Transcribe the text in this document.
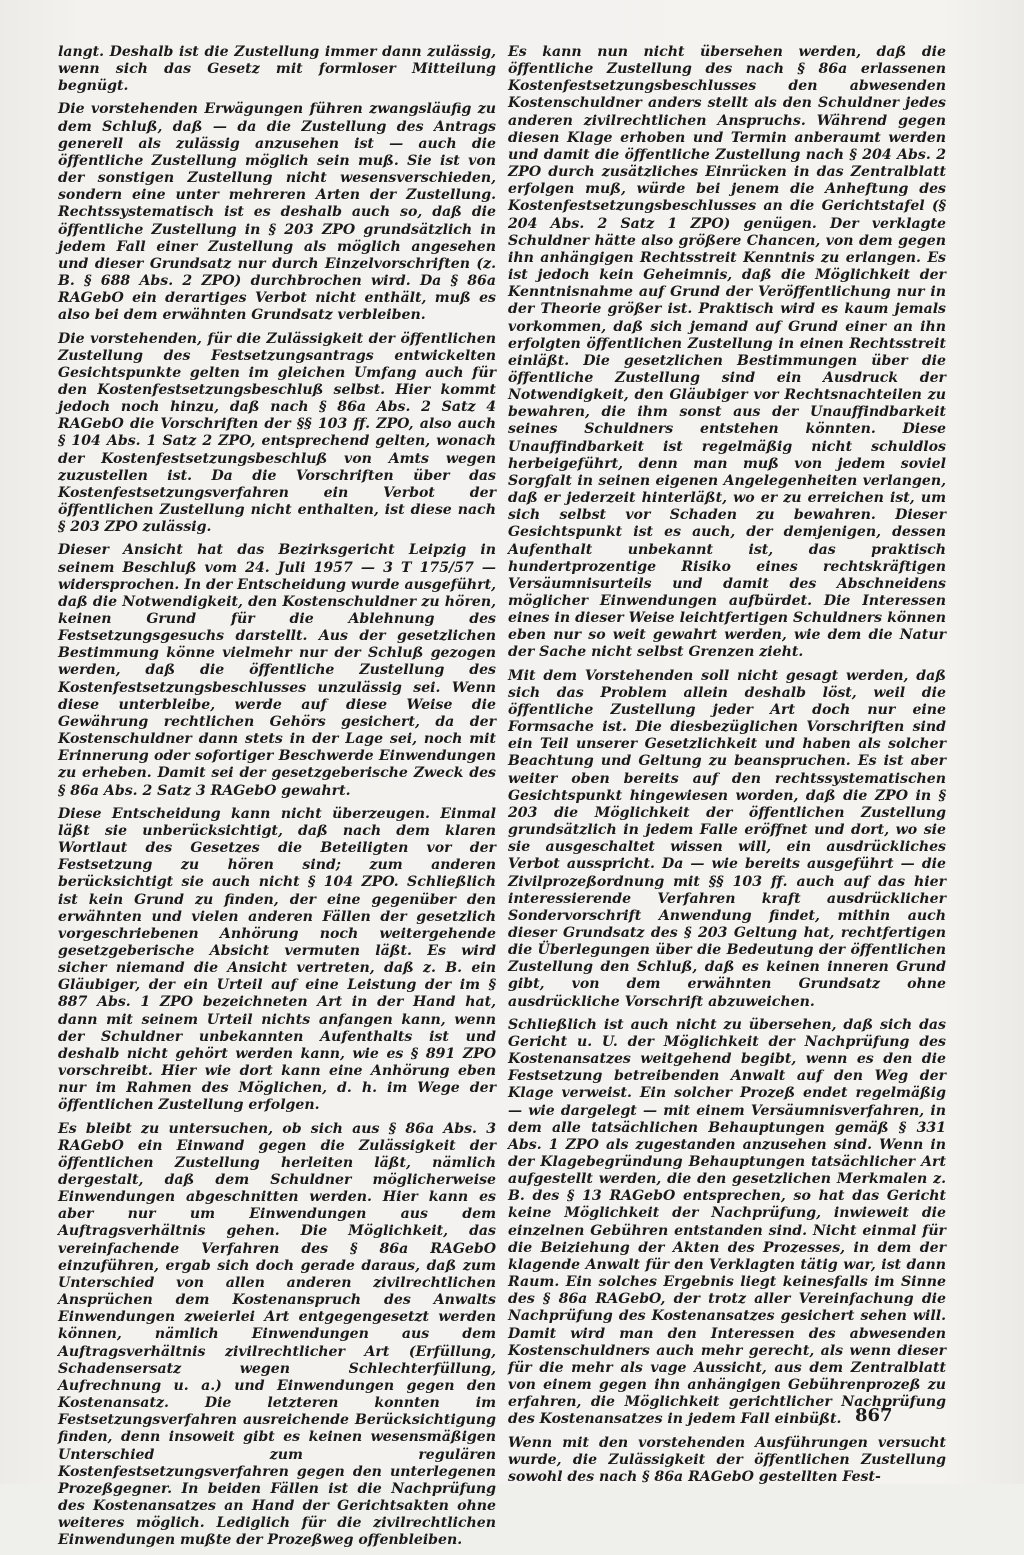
langt. Deshalb ist die Zustellung immer dann zulässig, wenn sich das Gesetz mit formloser Mitteilung begnügt.

Die vorstehenden Erwägungen führen zwangsläufig zu dem Schluß, daß — da die Zustellung des Antrags generell als zulässig anzusehen ist — auch die öffentliche Zustellung möglich sein muß. Sie ist von der sonstigen Zustellung nicht wesensverschieden, sondern eine unter mehreren Arten der Zustellung. Rechtssystematisch ist es deshalb auch so, daß die öffentliche Zustellung in § 203 ZPO grundsätzlich in jedem Fall einer Zustellung als möglich angesehen und dieser Grundsatz nur durch Einzelvorschriften (z. B. § 688 Abs. 2 ZPO) durchbrochen wird. Da § 86a RAGebO ein derartiges Verbot nicht enthält, muß es also bei dem erwähnten Grundsatz verbleiben.

Die vorstehenden, für die Zulässigkeit der öffentlichen Zustellung des Festsetzungsantrags entwickelten Gesichtspunkte gelten im gleichen Umfang auch für den Kostenfestsetzungsbeschluß selbst. Hier kommt jedoch noch hinzu, daß nach § 86a Abs. 2 Satz 4 RAGebO die Vorschriften der §§ 103 ff. ZPO, also auch § 104 Abs. 1 Satz 2 ZPO, entsprechend gelten, wonach der Kostenfestsetzungsbeschluß von Amts wegen zuzustellen ist. Da die Vorschriften über das Kostenfestsetzungsverfahren ein Verbot der öffentlichen Zustellung nicht enthalten, ist diese nach § 203 ZPO zulässig.

Dieser Ansicht hat das Bezirksgericht Leipzig in seinem Beschluß vom 24. Juli 1957 — 3 T 175/57 — widersprochen. In der Entscheidung wurde ausgeführt, daß die Notwendigkeit, den Kostenschuldner zu hören, keinen Grund für die Ablehnung des Festsetzungsgesuchs darstellt. Aus der gesetzlichen Bestimmung könne vielmehr nur der Schluß gezogen werden, daß die öffentliche Zustellung des Kostenfestsetzungsbeschlusses unzulässig sei. Wenn diese unterbleibe, werde auf diese Weise die Gewährung rechtlichen Gehörs gesichert, da der Kostenschuldner dann stets in der Lage sei, noch mit Erinnerung oder sofortiger Beschwerde Einwendungen zu erheben. Damit sei der gesetzgeberische Zweck des § 86a Abs. 2 Satz 3 RAGebO gewahrt.

Diese Entscheidung kann nicht überzeugen. Einmal läßt sie unberücksichtigt, daß nach dem klaren Wortlaut des Gesetzes die Beteiligten vor der Festsetzung zu hören sind; zum anderen berücksichtigt sie auch nicht § 104 ZPO. Schließlich ist kein Grund zu finden, der eine gegenüber den erwähnten und vielen anderen Fällen der gesetzlich vorgeschriebenen Anhörung noch weitergehende gesetzgeberische Absicht vermuten läßt. Es wird sicher niemand die Ansicht vertreten, daß z. B. ein Gläubiger, der ein Urteil auf eine Leistung der im § 887 Abs. 1 ZPO bezeichneten Art in der Hand hat, dann mit seinem Urteil nichts anfangen kann, wenn der Schuldner unbekannten Aufenthalts ist und deshalb nicht gehört werden kann, wie es § 891 ZPO vorschreibt. Hier wie dort kann eine Anhörung eben nur im Rahmen des Möglichen, d. h. im Wege der öffentlichen Zustellung erfolgen.

Es bleibt zu untersuchen, ob sich aus § 86a Abs. 3 RAGebO ein Einwand gegen die Zulässigkeit der öffentlichen Zustellung herleiten läßt, nämlich dergestalt, daß dem Schuldner möglicherweise Einwendungen abgeschnitten werden. Hier kann es aber nur um Einwendungen aus dem Auftragsverhältnis gehen. Die Möglichkeit, das vereinfachende Verfahren des § 86a RAGebO einzuführen, ergab sich doch gerade daraus, daß zum Unterschied von allen anderen zivilrechtlichen Ansprüchen dem Kostenanspruch des Anwalts Einwendungen zweierlei Art entgegengesetzt werden können, nämlich Einwendungen aus dem Auftragsverhältnis zivilrechtlicher Art (Erfüllung, Schadensersatz wegen Schlechterfüllung, Aufrechnung u. a.) und Einwendungen gegen den Kostenansatz. Die letzteren konnten im Festsetzungsverfahren ausreichende Berücksichtigung finden, denn insoweit gibt es keinen wesensmäßigen Unterschied zum regulären Kostenfestsetzungsverfahren gegen den unterlegenen Prozeßgegner. In beiden Fällen ist die Nachprüfung des Kostenansatzes an Hand der Gerichtsakten ohne weiteres möglich. Lediglich für die zivilrechtlichen Einwendungen mußte der Prozeßweg offenbleiben.

Es kann nun nicht übersehen werden, daß die öffentliche Zustellung des nach § 86a erlassenen Kostenfestsetzungsbeschlusses den abwesenden Kostenschuldner anders stellt als den Schuldner jedes anderen zivilrechtlichen Anspruchs. Während gegen diesen Klage erhoben und Termin anberaumt werden und damit die öffentliche Zustellung nach § 204 Abs. 2 ZPO durch zusätzliches Einrücken in das Zentralblatt erfolgen muß, würde bei jenem die Anheftung des Kostenfestsetzungsbeschlusses an die Gerichtstafel (§ 204 Abs. 2 Satz 1 ZPO) genügen. Der verklagte Schuldner hätte also größere Chancen, von dem gegen ihn anhängigen Rechtsstreit Kenntnis zu erlangen. Es ist jedoch kein Geheimnis, daß die Möglichkeit der Kenntnisnahme auf Grund der Veröffentlichung nur in der Theorie größer ist. Praktisch wird es kaum jemals vorkommen, daß sich jemand auf Grund einer an ihn erfolgten öffentlichen Zustellung in einen Rechtsstreit einläßt. Die gesetzlichen Bestimmungen über die öffentliche Zustellung sind ein Ausdruck der Notwendigkeit, den Gläubiger vor Rechtsnachteilen zu bewahren, die ihm sonst aus der Unauffindbarkeit seines Schuldners entstehen könnten. Diese Unauffindbarkeit ist regelmäßig nicht schuldlos herbeigeführt, denn man muß von jedem soviel Sorgfalt in seinen eigenen Angelegenheiten verlangen, daß er jederzeit hinterläßt, wo er zu erreichen ist, um sich selbst vor Schaden zu bewahren. Dieser Gesichtspunkt ist es auch, der demjenigen, dessen Aufenthalt unbekannt ist, das praktisch hundertprozentige Risiko eines rechtskräftigen Versäumnisurteils und damit des Abschneidens möglicher Einwendungen aufbürdet. Die Interessen eines in dieser Weise leichtfertigen Schuldners können eben nur so weit gewahrt werden, wie dem die Natur der Sache nicht selbst Grenzen zieht.

Mit dem Vorstehenden soll nicht gesagt werden, daß sich das Problem allein deshalb löst, weil die öffentliche Zustellung jeder Art doch nur eine Formsache ist. Die diesbezüglichen Vorschriften sind ein Teil unserer Gesetzlichkeit und haben als solcher Beachtung und Geltung zu beanspruchen. Es ist aber weiter oben bereits auf den rechtssystematischen Gesichtspunkt hingewiesen worden, daß die ZPO in § 203 die Möglichkeit der öffentlichen Zustellung grundsätzlich in jedem Falle eröffnet und dort, wo sie sie ausgeschaltet wissen will, ein ausdrückliches Verbot ausspricht. Da — wie bereits ausgeführt — die Zivilprozeßordnung mit §§ 103 ff. auch auf das hier interessierende Verfahren kraft ausdrücklicher Sondervorschrift Anwendung findet, mithin auch dieser Grundsatz des § 203 Geltung hat, rechtfertigen die Überlegungen über die Bedeutung der öffentlichen Zustellung den Schluß, daß es keinen inneren Grund gibt, von dem erwähnten Grundsatz ohne ausdrückliche Vorschrift abzuweichen.

Schließlich ist auch nicht zu übersehen, daß sich das Gericht u. U. der Möglichkeit der Nachprüfung des Kostenansatzes weitgehend begibt, wenn es den die Festsetzung betreibenden Anwalt auf den Weg der Klage verweist. Ein solcher Prozeß endet regelmäßig — wie dargelegt — mit einem Versäumnisverfahren, in dem alle tatsächlichen Behauptungen gemäß § 331 Abs. 1 ZPO als zugestanden anzusehen sind. Wenn in der Klagebegründung Behauptungen tatsächlicher Art aufgestellt werden, die den gesetzlichen Merkmalen z. B. des § 13 RAGebO entsprechen, so hat das Gericht keine Möglichkeit der Nachprüfung, inwieweit die einzelnen Gebühren entstanden sind. Nicht einmal für die Beiziehung der Akten des Prozesses, in dem der klagende Anwalt für den Verklagten tätig war, ist dann Raum. Ein solches Ergebnis liegt keinesfalls im Sinne des § 86a RAGebO, der trotz aller Vereinfachung die Nachprüfung des Kostenansatzes gesichert sehen will. Damit wird man den Interessen des abwesenden Kostenschuldners auch mehr gerecht, als wenn dieser für die mehr als vage Aussicht, aus dem Zentralblatt von einem gegen ihn anhängigen Gebührenprozeß zu erfahren, die Möglichkeit gerichtlicher Nachprüfung des Kostenansatzes in jedem Fall einbüßt.

Wenn mit den vorstehenden Ausführungen versucht wurde, die Zulässigkeit der öffentlichen Zustellung sowohl des nach § 86a RAGebO gestellten Fest-

867
